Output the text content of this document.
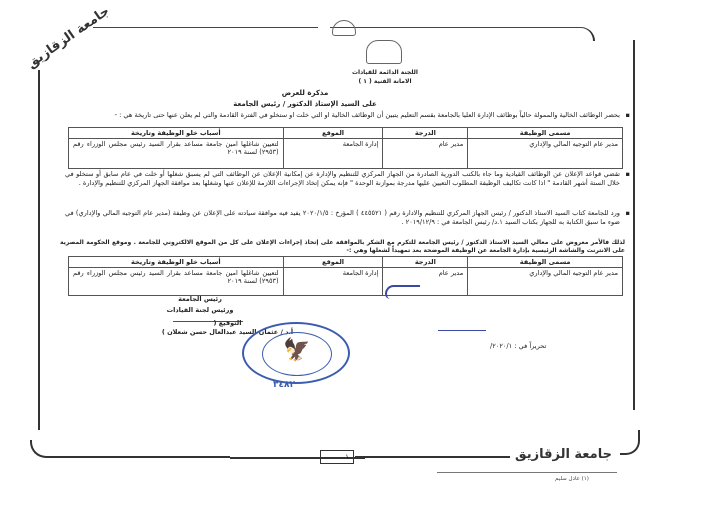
جامعة الزقازيق
اللجنة الدائمة للقيادات
الامانة الفنية ( ١ )
مذكرة للعرض
على السيد الإستاذ الدكتور / رئيس الجامعة
▪
بحصر الوظائف الخالية والممولة حالياً بوظائف الإدارة العليا بالجامعة بقسم التعليم يتبين أن الوظائف الخالية او التي خلت او ستخلو في الفترة القادمة والتي لم يعلن عنها حتى تاريخة هي : -
مسمى الوظيفة	الدرجة	الموقع	أسباب خلو الوظيفة وتاريخة
مدير عام التوجيه المالي والإداري	مدير عام	إدارة الجامعة	لتعيين شاغلها امين جامعة مساعد بقرار السيد رئيس مجلس الوزراء رقم (٢٩٥٣) لسنة ٢٠١٩
▪
تقضي قواعد الإعلان عن الوظائف القيادية وما جاء بالكتب الدورية الصادرة من الجهاز المركزي للتنظيم والإدارة عن إمكانية الإعلان عن الوظائف التي لم يسبق شغلها أو خلت في عام سابق أو ستخلو في خلال الستة أشهر القادمة " اذا كانت تكاليف الوظيفة المطلوب التعيين عليها مدرجة بموازنة الوحدة " فإنه يمكن إتخاذ الإجراءات اللازمة للإعلان عنها وشغلها بعد موافقة الجهاز المركزي للتنظيم والإدارة .
▪
ورد للجامعة كتاب السيد الاستاذ الدكتور / رئيس الجهاز المركزي للتنظيم والادارة رقم ( ٤٤٥٥٢١ ) المؤرخ : ٢٠٢٠/١/٥ يفيد فيه موافقة سيادته على الإعلان عن وظيفة (مدير عام التوجيه المالي والإداري) في ضوء ما سبق الكتابة به للجهاز بكتاب السيد ١.د/ رئيس الجامعة في : ٢٠١٩/١٢/٩ .
لذلك فالأمر معروض على معالي السيد الاستاذ الدكتور / رئيس الجامعة للتكرم مع الشكر بالموافقة على إتخاذ إجراءات الإعلان على كل من الموقع الالكتروني للجامعة . وموقع الحكومة المصرية على الانترنت والشاشة الرئيسية بإدارة الجامعة عن الوظيفة الموضحة بعد تمهيداً لشغلها وهي :-
مسمى الوظيفة	الدرجة	الموقع	أسباب خلو الوظيفة وتاريخة
مدير عام التوجيه المالي والإداري	مدير عام	إدارة الجامعة	لتعيين شاغلها امين جامعة مساعد بقرار السيد رئيس مجلس الوزراء رقم (٢٩٥٣) لسنة ٢٠١٩
رئيس الجامعة
ورئيس لجنة القيادات
التوقيع (
أ.د / عثمان السيد عبدالعال حسن شعلان )
🦅
٣٤٨٢
تحريراً في : ٢٠٢٠/١/
(١) عادل سليم
١	جامعة الزقازيق
